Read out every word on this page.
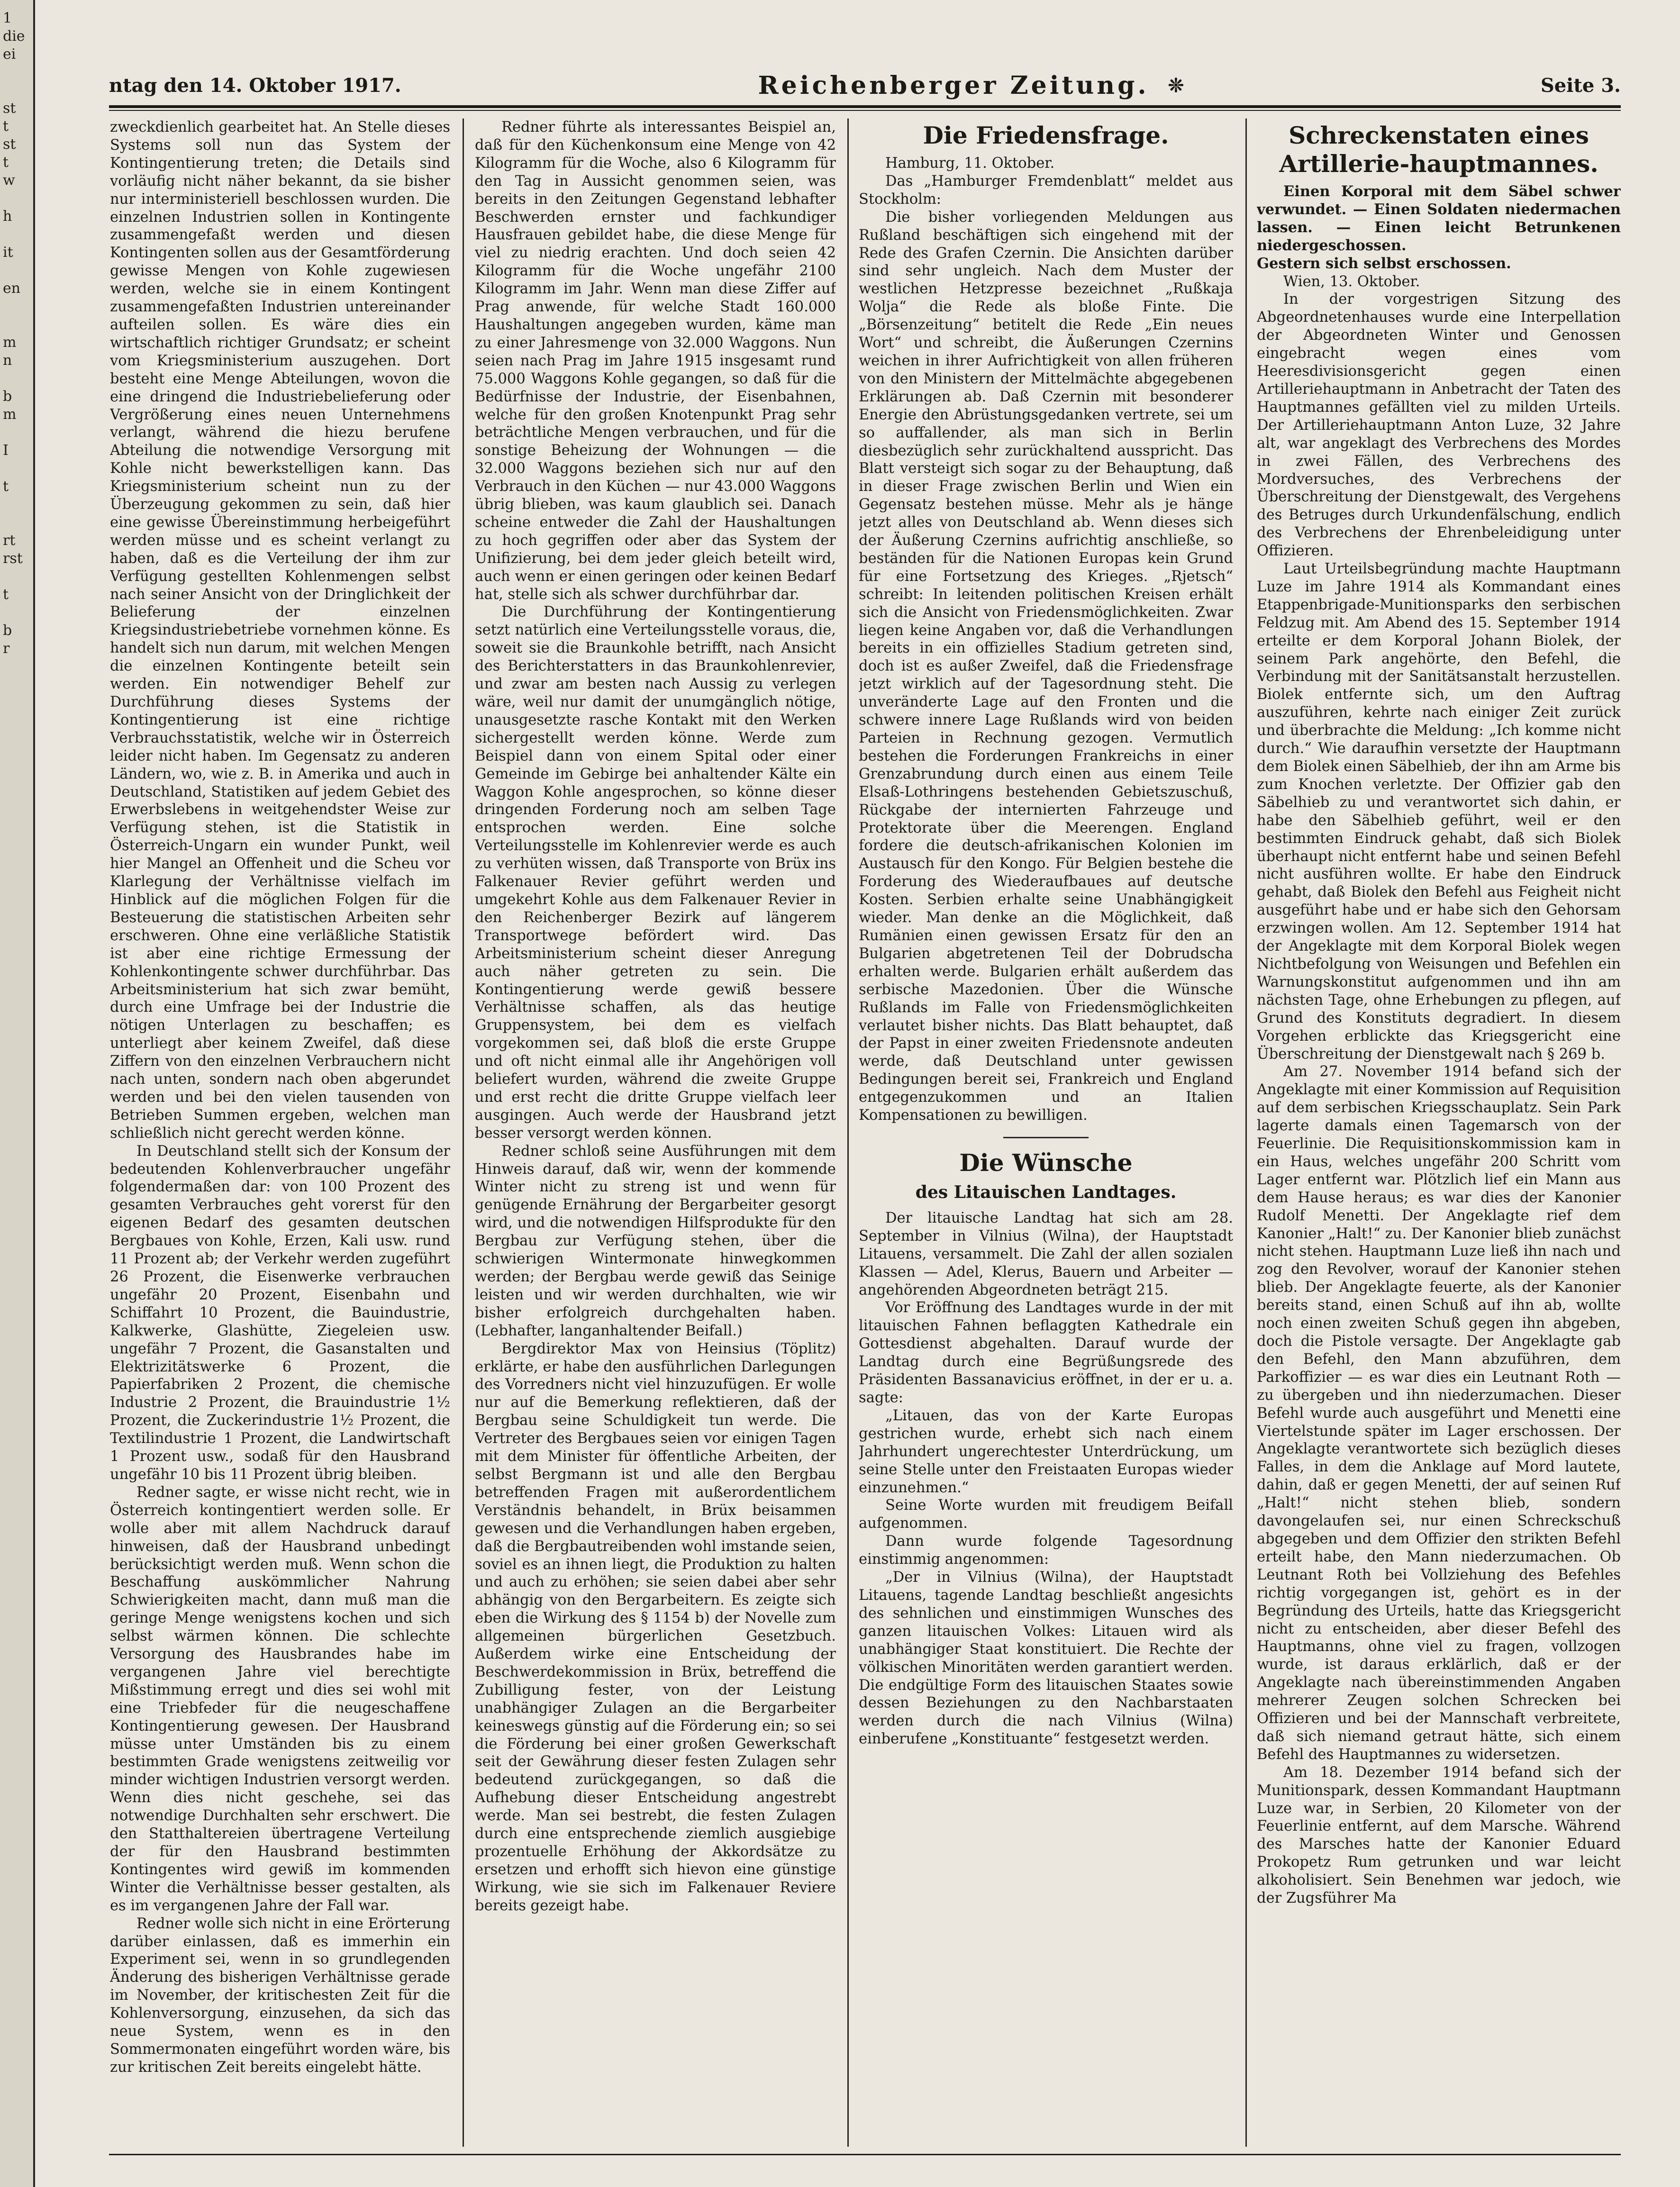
1
die
ei

st
t
st
t
w

h

it

en

m
n

b
m

I

t

rt
rst

t

b
r
ntag den 14. Oktober 1917.	Reichenberger Zeitung. ❊	Seite 3.

zweckdienlich gearbeitet hat. An Stelle dieses Systems soll nun das System der Kontingentierung treten; die Details sind vorläufig nicht näher bekannt, da sie bisher nur interministeriell beschlossen wurden. Die einzelnen Industrien sollen in Kontingente zusammengefaßt werden und diesen Kontingenten sollen aus der Gesamtförderung gewisse Mengen von Kohle zugewiesen werden, welche sie in einem Kontingent zusammengefaßten Industrien untereinander aufteilen sollen. Es wäre dies ein wirtschaftlich richtiger Grundsatz; er scheint vom Kriegsministerium auszugehen. Dort besteht eine Menge Abteilungen, wovon die eine dringend die Industriebelieferung oder Vergrößerung eines neuen Unternehmens verlangt, während die hiezu berufene Abteilung die notwendige Versorgung mit Kohle nicht bewerkstelligen kann. Das Kriegsministerium scheint nun zu der Überzeugung gekommen zu sein, daß hier eine gewisse Übereinstimmung herbeigeführt werden müsse und es scheint verlangt zu haben, daß es die Verteilung der ihm zur Verfügung gestellten Kohlenmengen selbst nach seiner Ansicht von der Dringlichkeit der Belieferung der einzelnen Kriegsindustriebetriebe vornehmen könne. Es handelt sich nun darum, mit welchen Mengen die einzelnen Kontingente beteilt sein werden. Ein notwendiger Behelf zur Durchführung dieses Systems der Kontingentierung ist eine richtige Verbrauchsstatistik, welche wir in Österreich leider nicht haben. Im Gegensatz zu anderen Ländern, wo, wie z. B. in Amerika und auch in Deutschland, Statistiken auf jedem Gebiet des Erwerbslebens in weitgehendster Weise zur Verfügung stehen, ist die Statistik in Österreich-Ungarn ein wunder Punkt, weil hier Mangel an Offenheit und die Scheu vor Klarlegung der Verhältnisse vielfach im Hinblick auf die möglichen Folgen für die Besteuerung die statistischen Arbeiten sehr erschweren. Ohne eine verläßliche Statistik ist aber eine richtige Ermessung der Kohlenkontingente schwer durchführbar. Das Arbeitsministerium hat sich zwar bemüht, durch eine Umfrage bei der Industrie die nötigen Unterlagen zu beschaffen; es unterliegt aber keinem Zweifel, daß diese Ziffern von den einzelnen Verbrauchern nicht nach unten, sondern nach oben abgerundet werden und bei den vielen tausenden von Betrieben Summen ergeben, welchen man schließlich nicht gerecht werden könne.

In Deutschland stellt sich der Konsum der bedeutenden Kohlenverbraucher ungefähr folgendermaßen dar: von 100 Prozent des gesamten Verbrauches geht vorerst für den eigenen Bedarf des gesamten deutschen Bergbaues von Kohle, Erzen, Kali usw. rund 11 Prozent ab; der Verkehr werden zugeführt 26 Prozent, die Eisenwerke verbrauchen ungefähr 20 Prozent, Eisenbahn und Schiffahrt 10 Prozent, die Bauindustrie, Kalkwerke, Glashütte, Ziegeleien usw. ungefähr 7 Prozent, die Gasanstalten und Elektrizitätswerke 6 Prozent, die Papierfabriken 2 Prozent, die chemische Industrie 2 Prozent, die Brauindustrie 1½ Prozent, die Zuckerindustrie 1½ Prozent, die Textilindustrie 1 Prozent, die Landwirtschaft 1 Prozent usw., sodaß für den Hausbrand ungefähr 10 bis 11 Prozent übrig bleiben.

Redner sagte, er wisse nicht recht, wie in Österreich kontingentiert werden solle. Er wolle aber mit allem Nachdruck darauf hinweisen, daß der Hausbrand unbedingt berücksichtigt werden muß. Wenn schon die Beschaffung auskömmlicher Nahrung Schwierigkeiten macht, dann muß man die geringe Menge wenigstens kochen und sich selbst wärmen können. Die schlechte Versorgung des Hausbrandes habe im vergangenen Jahre viel berechtigte Mißstimmung erregt und dies sei wohl mit eine Triebfeder für die neugeschaffene Kontingentierung gewesen. Der Hausbrand müsse unter Umständen bis zu einem bestimmten Grade wenigstens zeitweilig vor minder wichtigen Industrien versorgt werden. Wenn dies nicht geschehe, sei das notwendige Durchhalten sehr erschwert. Die den Statthaltereien übertragene Verteilung der für den Hausbrand bestimmten Kontingentes wird gewiß im kommenden Winter die Verhältnisse besser gestalten, als es im vergangenen Jahre der Fall war.

Redner wolle sich nicht in eine Erörterung darüber einlassen, daß es immerhin ein Experiment sei, wenn in so grundlegenden Änderung des bisherigen Verhältnisse gerade im November, der kritischesten Zeit für die Kohlenversorgung, einzusehen, da sich das neue System, wenn es in den Sommermonaten eingeführt worden wäre, bis zur kritischen Zeit bereits eingelebt hätte.

Redner führte als interessantes Beispiel an, daß für den Küchenkonsum eine Menge von 42 Kilogramm für die Woche, also 6 Kilogramm für den Tag in Aussicht genommen seien, was bereits in den Zeitungen Gegenstand lebhafter Beschwerden ernster und fachkundiger Hausfrauen gebildet habe, die diese Menge für viel zu niedrig erachten. Und doch seien 42 Kilogramm für die Woche ungefähr 2100 Kilogramm im Jahr. Wenn man diese Ziffer auf Prag anwende, für welche Stadt 160.000 Haushaltungen angegeben wurden, käme man zu einer Jahresmenge von 32.000 Waggons. Nun seien nach Prag im Jahre 1915 insgesamt rund 75.000 Waggons Kohle gegangen, so daß für die Bedürfnisse der Industrie, der Eisenbahnen, welche für den großen Knotenpunkt Prag sehr beträchtliche Mengen verbrauchen, und für die sonstige Beheizung der Wohnungen — die 32.000 Waggons beziehen sich nur auf den Verbrauch in den Küchen — nur 43.000 Waggons übrig blieben, was kaum glaublich sei. Danach scheine entweder die Zahl der Haushaltungen zu hoch gegriffen oder aber das System der Unifizierung, bei dem jeder gleich beteilt wird, auch wenn er einen geringen oder keinen Bedarf hat, stelle sich als schwer durchführbar dar.

Die Durchführung der Kontingentierung setzt natürlich eine Verteilungsstelle voraus, die, soweit sie die Braunkohle betrifft, nach Ansicht des Berichterstatters in das Braunkohlenrevier, und zwar am besten nach Aussig zu verlegen wäre, weil nur damit der unumgänglich nötige, unausgesetzte rasche Kontakt mit den Werken sichergestellt werden könne. Werde zum Beispiel dann von einem Spital oder einer Gemeinde im Gebirge bei anhaltender Kälte ein Waggon Kohle angesprochen, so könne dieser dringenden Forderung noch am selben Tage entsprochen werden. Eine solche Verteilungsstelle im Kohlenrevier werde es auch zu verhüten wissen, daß Transporte von Brüx ins Falkenauer Revier geführt werden und umgekehrt Kohle aus dem Falkenauer Revier in den Reichenberger Bezirk auf längerem Transportwege befördert wird. Das Arbeitsministerium scheint dieser Anregung auch näher getreten zu sein. Die Kontingentierung werde gewiß bessere Verhältnisse schaffen, als das heutige Gruppensystem, bei dem es vielfach vorgekommen sei, daß bloß die erste Gruppe und oft nicht einmal alle ihr Angehörigen voll beliefert wurden, während die zweite Gruppe und erst recht die dritte Gruppe vielfach leer ausgingen. Auch werde der Hausbrand jetzt besser versorgt werden können.

Redner schloß seine Ausführungen mit dem Hinweis darauf, daß wir, wenn der kommende Winter nicht zu streng ist und wenn für genügende Ernährung der Bergarbeiter gesorgt wird, und die notwendigen Hilfsprodukte für den Bergbau zur Verfügung stehen, über die schwierigen Wintermonate hinwegkommen werden; der Bergbau werde gewiß das Seinige leisten und wir werden durchhalten, wie wir bisher erfolgreich durchgehalten haben. (Lebhafter, langanhaltender Beifall.)

Bergdirektor Max von Heinsius (Töplitz) erklärte, er habe den ausführlichen Darlegungen des Vorredners nicht viel hinzuzufügen. Er wolle nur auf die Bemerkung reflektieren, daß der Bergbau seine Schuldigkeit tun werde. Die Vertreter des Bergbaues seien vor einigen Tagen mit dem Minister für öffentliche Arbeiten, der selbst Bergmann ist und alle den Bergbau betreffenden Fragen mit außerordentlichem Verständnis behandelt, in Brüx beisammen gewesen und die Verhandlungen haben ergeben, daß die Bergbautreibenden wohl imstande seien, soviel es an ihnen liegt, die Produktion zu halten und auch zu erhöhen; sie seien dabei aber sehr abhängig von den Bergarbeitern. Es zeigte sich eben die Wirkung des § 1154 b) der Novelle zum allgemeinen bürgerlichen Gesetzbuch. Außerdem wirke eine Entscheidung der Beschwerdekommission in Brüx, betreffend die Zubilligung fester, von der Leistung unabhängiger Zulagen an die Bergarbeiter keineswegs günstig auf die Förderung ein; so sei die Förderung bei einer großen Gewerkschaft seit der Gewährung dieser festen Zulagen sehr bedeutend zurückgegangen, so daß die Aufhebung dieser Entscheidung angestrebt werde. Man sei bestrebt, die festen Zulagen durch eine entsprechende ziemlich ausgiebige prozentuelle Erhöhung der Akkordsätze zu ersetzen und erhofft sich hievon eine günstige Wirkung, wie sie sich im Falkenauer Reviere bereits gezeigt habe.

Die Friedensfrage.

Hamburg, 11. Oktober.

Das „Hamburger Fremdenblatt“ meldet aus Stockholm:

Die bisher vorliegenden Meldungen aus Rußland beschäftigen sich eingehend mit der Rede des Grafen Czernin. Die Ansichten darüber sind sehr ungleich. Nach dem Muster der westlichen Hetzpresse bezeichnet „Rußkaja Wolja“ die Rede als bloße Finte. Die „Börsenzeitung“ betitelt die Rede „Ein neues Wort“ und schreibt, die Äußerungen Czernins weichen in ihrer Aufrichtigkeit von allen früheren von den Ministern der Mittelmächte abgegebenen Erklärungen ab. Daß Czernin mit besonderer Energie den Abrüstungsgedanken vertrete, sei um so auffallender, als man sich in Berlin diesbezüglich sehr zurückhaltend ausspricht. Das Blatt versteigt sich sogar zu der Behauptung, daß in dieser Frage zwischen Berlin und Wien ein Gegensatz bestehen müsse. Mehr als je hänge jetzt alles von Deutschland ab. Wenn dieses sich der Äußerung Czernins aufrichtig anschließe, so beständen für die Nationen Europas kein Grund für eine Fortsetzung des Krieges. „Rjetsch“ schreibt: In leitenden politischen Kreisen erhält sich die Ansicht von Friedensmöglichkeiten. Zwar liegen keine Angaben vor, daß die Verhandlungen bereits in ein offizielles Stadium getreten sind, doch ist es außer Zweifel, daß die Friedensfrage jetzt wirklich auf der Tagesordnung steht. Die unveränderte Lage auf den Fronten und die schwere innere Lage Rußlands wird von beiden Parteien in Rechnung gezogen. Vermutlich bestehen die Forderungen Frankreichs in einer Grenzabrundung durch einen aus einem Teile Elsaß-Lothringens bestehenden Gebietszuschuß, Rückgabe der internierten Fahrzeuge und Protektorate über die Meerengen. England fordere die deutsch-afrikanischen Kolonien im Austausch für den Kongo. Für Belgien bestehe die Forderung des Wiederaufbaues auf deutsche Kosten. Serbien erhalte seine Unabhängigkeit wieder. Man denke an die Möglichkeit, daß Rumänien einen gewissen Ersatz für den an Bulgarien abgetretenen Teil der Dobrudscha erhalten werde. Bulgarien erhält außerdem das serbische Mazedonien. Über die Wünsche Rußlands im Falle von Friedensmöglichkeiten verlautet bisher nichts. Das Blatt behauptet, daß der Papst in einer zweiten Friedensnote andeuten werde, daß Deutschland unter gewissen Bedingungen bereit sei, Frankreich und England entgegenzukommen und an Italien Kompensationen zu bewilligen.

Die Wünsche
des Litauischen Landtages.

Der litauische Landtag hat sich am 28. September in Vilnius (Wilna), der Hauptstadt Litauens, versammelt. Die Zahl der allen sozialen Klassen — Adel, Klerus, Bauern und Arbeiter — angehörenden Abgeordneten beträgt 215.

Vor Eröffnung des Landtages wurde in der mit litauischen Fahnen beflaggten Kathedrale ein Gottesdienst abgehalten. Darauf wurde der Landtag durch eine Begrüßungsrede des Präsidenten Bassanavicius eröffnet, in der er u. a. sagte:

„Litauen, das von der Karte Europas gestrichen wurde, erhebt sich nach einem Jahrhundert ungerechtester Unterdrückung, um seine Stelle unter den Freistaaten Europas wieder einzunehmen.“

Seine Worte wurden mit freudigem Beifall aufgenommen.

Dann wurde folgende Tagesordnung einstimmig angenommen:

„Der in Vilnius (Wilna), der Hauptstadt Litauens, tagende Landtag beschließt angesichts des sehnlichen und einstimmigen Wunsches des ganzen litauischen Volkes: Litauen wird als unabhängiger Staat konstituiert. Die Rechte der völkischen Minoritäten werden garantiert werden. Die endgültige Form des litauischen Staates sowie dessen Beziehungen zu den Nachbarstaaten werden durch die nach Vilnius (Wilna) einberufene „Konstituante“ festgesetzt werden.

Schreckenstaten eines Artillerie-hauptmannes.

Einen Korporal mit dem Säbel schwer verwundet. — Einen Soldaten niedermachen lassen. — Einen leicht Betrunkenen niedergeschossen.
Gestern sich selbst erschossen.

Wien, 13. Oktober.

In der vorgestrigen Sitzung des Abgeordnetenhauses wurde eine Interpellation der Abgeordneten Winter und Genossen eingebracht wegen eines vom Heeresdivisionsgericht gegen einen Artilleriehauptmann in Anbetracht der Taten des Hauptmannes gefällten viel zu milden Urteils. Der Artilleriehauptmann Anton Luze, 32 Jahre alt, war angeklagt des Verbrechens des Mordes in zwei Fällen, des Verbrechens des Mordversuches, des Verbrechens der Überschreitung der Dienstgewalt, des Vergehens des Betruges durch Urkundenfälschung, endlich des Verbrechens der Ehrenbeleidigung unter Offizieren.

Laut Urteilsbegründung machte Hauptmann Luze im Jahre 1914 als Kommandant eines Etappenbrigade-Munitionsparks den serbischen Feldzug mit. Am Abend des 15. September 1914 erteilte er dem Korporal Johann Biolek, der seinem Park angehörte, den Befehl, die Verbindung mit der Sanitätsanstalt herzustellen. Biolek entfernte sich, um den Auftrag auszuführen, kehrte nach einiger Zeit zurück und überbrachte die Meldung: „Ich komme nicht durch.“ Wie daraufhin versetzte der Hauptmann dem Biolek einen Säbelhieb, der ihn am Arme bis zum Knochen verletzte. Der Offizier gab den Säbelhieb zu und verantwortet sich dahin, er habe den Säbelhieb geführt, weil er den bestimmten Eindruck gehabt, daß sich Biolek überhaupt nicht entfernt habe und seinen Befehl nicht ausführen wollte. Er habe den Eindruck gehabt, daß Biolek den Befehl aus Feigheit nicht ausgeführt habe und er habe sich den Gehorsam erzwingen wollen. Am 12. September 1914 hat der Angeklagte mit dem Korporal Biolek wegen Nichtbefolgung von Weisungen und Befehlen ein Warnungskonstitut aufgenommen und ihn am nächsten Tage, ohne Erhebungen zu pflegen, auf Grund des Konstituts degradiert. In diesem Vorgehen erblickte das Kriegsgericht eine Überschreitung der Dienstgewalt nach § 269 b.

Am 27. November 1914 befand sich der Angeklagte mit einer Kommission auf Requisition auf dem serbischen Kriegsschauplatz. Sein Park lagerte damals einen Tagemarsch von der Feuerlinie. Die Requisitionskommission kam in ein Haus, welches ungefähr 200 Schritt vom Lager entfernt war. Plötzlich lief ein Mann aus dem Hause heraus; es war dies der Kanonier Rudolf Menetti. Der Angeklagte rief dem Kanonier „Halt!“ zu. Der Kanonier blieb zunächst nicht stehen. Hauptmann Luze ließ ihn nach und zog den Revolver, worauf der Kanonier stehen blieb. Der Angeklagte feuerte, als der Kanonier bereits stand, einen Schuß auf ihn ab, wollte noch einen zweiten Schuß gegen ihn abgeben, doch die Pistole versagte. Der Angeklagte gab den Befehl, den Mann abzuführen, dem Parkoffizier — es war dies ein Leutnant Roth — zu übergeben und ihn niederzumachen. Dieser Befehl wurde auch ausgeführt und Menetti eine Viertelstunde später im Lager erschossen. Der Angeklagte verantwortete sich bezüglich dieses Falles, in dem die Anklage auf Mord lautete, dahin, daß er gegen Menetti, der auf seinen Ruf „Halt!“ nicht stehen blieb, sondern davongelaufen sei, nur einen Schreckschuß abgegeben und dem Offizier den strikten Befehl erteilt habe, den Mann niederzumachen. Ob Leutnant Roth bei Vollziehung des Befehles richtig vorgegangen ist, gehört es in der Begründung des Urteils, hatte das Kriegsgericht nicht zu entscheiden, aber dieser Befehl des Hauptmanns, ohne viel zu fragen, vollzogen wurde, ist daraus erklärlich, daß er der Angeklagte nach übereinstimmenden Angaben mehrerer Zeugen solchen Schrecken bei Offizieren und bei der Mannschaft verbreitete, daß sich niemand getraut hätte, sich einem Befehl des Hauptmannes zu widersetzen.

Am 18. Dezember 1914 befand sich der Munitionspark, dessen Kommandant Hauptmann Luze war, in Serbien, 20 Kilometer von der Feuerlinie entfernt, auf dem Marsche. Während des Marsches hatte der Kanonier Eduard Prokopetz Rum getrunken und war leicht alkoholisiert. Sein Benehmen war jedoch, wie der Zugsführer Ma
